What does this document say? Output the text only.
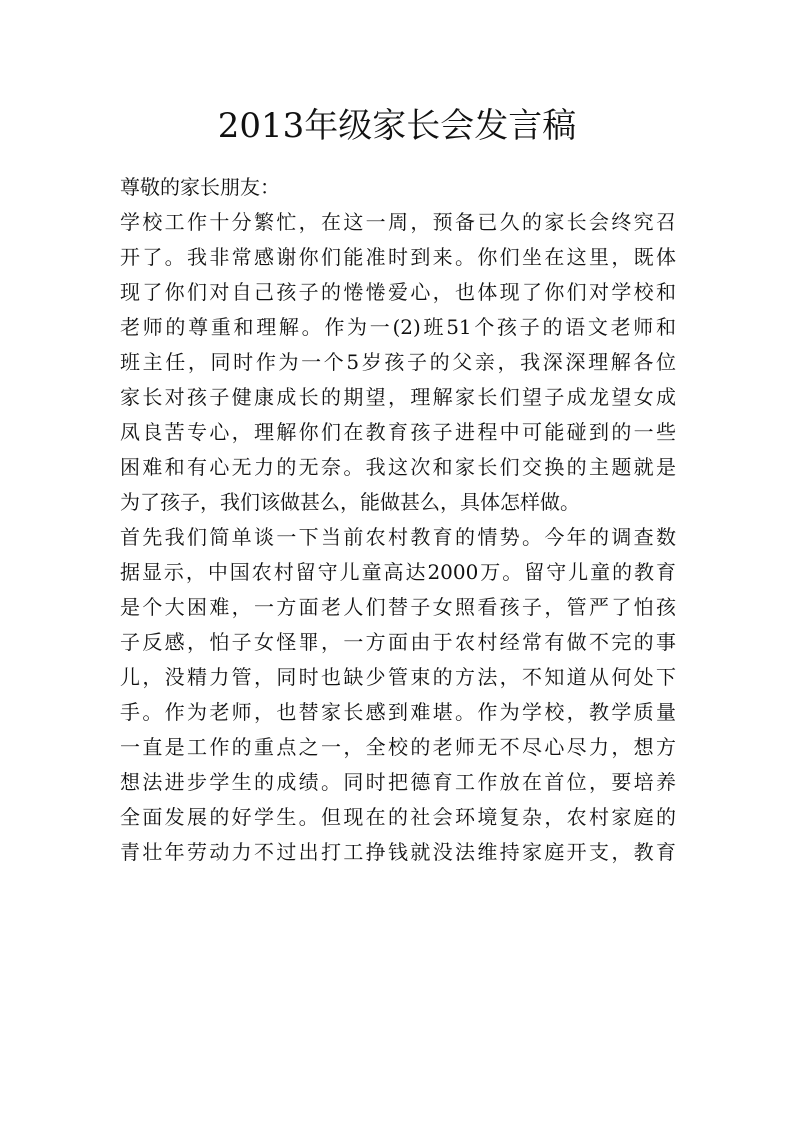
2013年级家长会发言稿
尊敬的家长朋友：
学校工作十分繁忙，在这一周，预备已久的家长会终究召
开了。我非常感谢你们能准时到来。你们坐在这里，既体
现了你们对自己孩子的惓惓爱心，也体现了你们对学校和
老师的尊重和理解。作为一(2)班51个孩子的语文老师和
班主任，同时作为一个5岁孩子的父亲，我深深理解各位
家长对孩子健康成长的期望，理解家长们望子成龙望女成
凤良苦专心，理解你们在教育孩子进程中可能碰到的一些
困难和有心无力的无奈。我这次和家长们交换的主题就是
为了孩子，我们该做甚么，能做甚么，具体怎样做。
首先我们简单谈一下当前农村教育的情势。今年的调查数
据显示，中国农村留守儿童高达2000万。留守儿童的教育
是个大困难，一方面老人们替子女照看孩子，管严了怕孩
子反感，怕子女怪罪，一方面由于农村经常有做不完的事
儿，没精力管，同时也缺少管束的方法，不知道从何处下
手。作为老师，也替家长感到难堪。作为学校，教学质量
一直是工作的重点之一，全校的老师无不尽心尽力，想方
想法进步学生的成绩。同时把德育工作放在首位，要培养
全面发展的好学生。但现在的社会环境复杂，农村家庭的
青壮年劳动力不过出打工挣钱就没法维持家庭开支，教育
